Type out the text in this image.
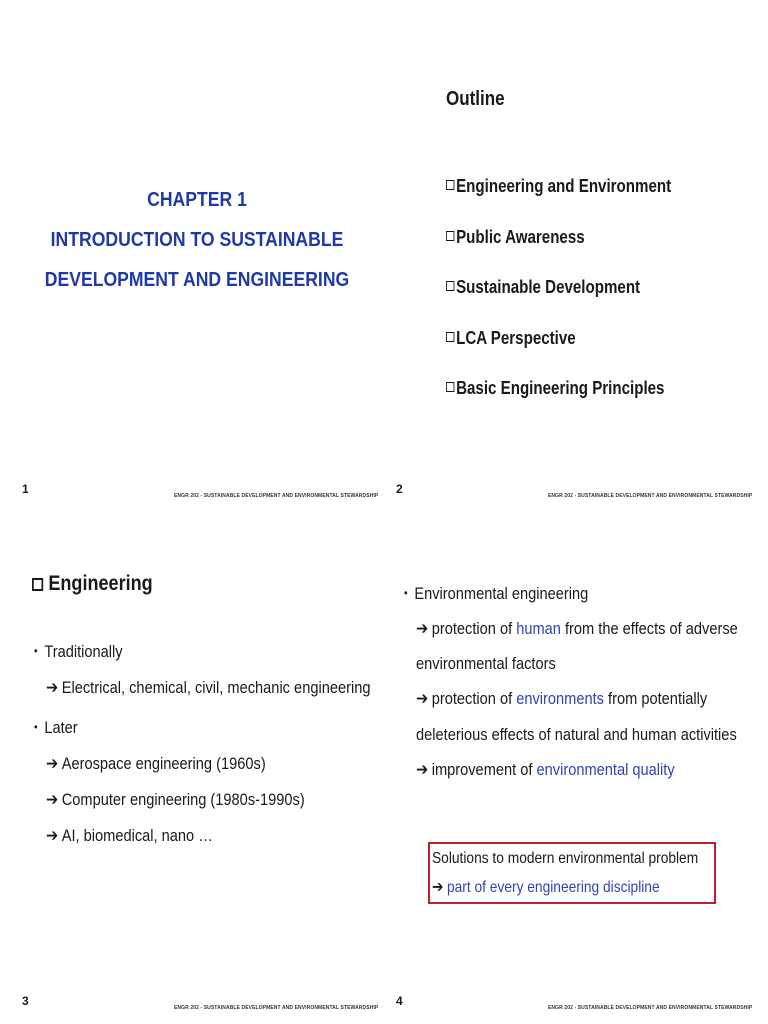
CHAPTER 1
INTRODUCTION TO SUSTAINABLE
DEVELOPMENT AND ENGINEERING
1	ENGR 202 - SUSTAINABLE DEVELOPMENT AND ENVIRONMENTAL STEWARDSHIP
Outline
Engineering and Environment
Public Awareness
Sustainable Development
LCA Perspective
Basic Engineering Principles
2	ENGR 202 - SUSTAINABLE DEVELOPMENT AND ENVIRONMENTAL STEWARDSHIP
Engineering
• Traditionally
➔ Electrical, chemical, civil, mechanic engineering
• Later
➔ Aerospace engineering (1960s)
➔ Computer engineering (1980s-1990s)
➔ AI, biomedical, nano …
3	ENGR 202 - SUSTAINABLE DEVELOPMENT AND ENVIRONMENTAL STEWARDSHIP
• Environmental engineering
➔ protection of human from the effects of adverse
environmental factors
➔ protection of environments from potentially
deleterious effects of natural and human activities
➔ improvement of environmental quality
Solutions to modern environmental problem
➔ part of every engineering discipline
4	ENGR 202 - SUSTAINABLE DEVELOPMENT AND ENVIRONMENTAL STEWARDSHIP
